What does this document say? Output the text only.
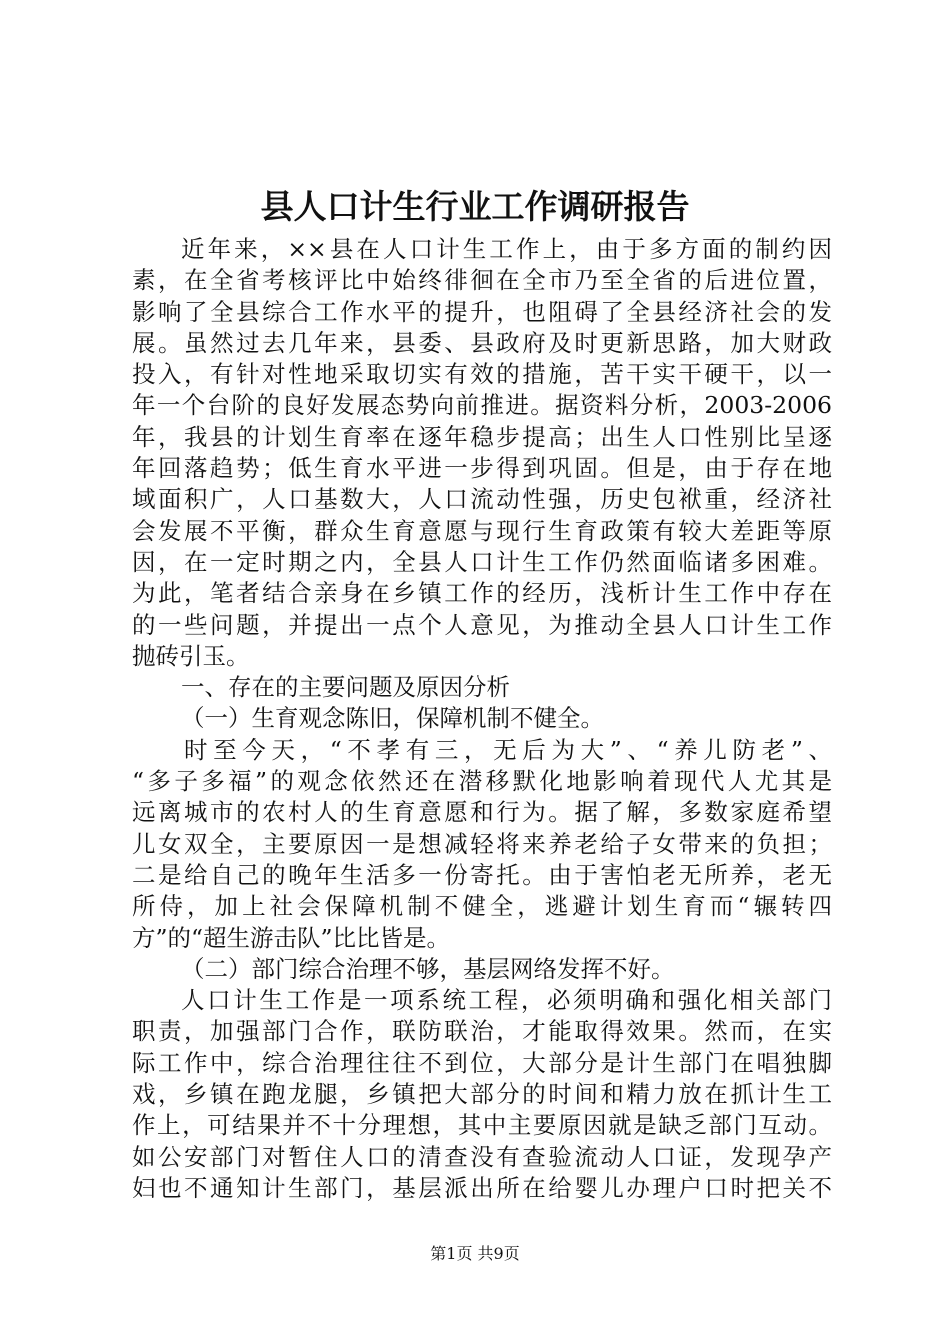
县人口计生行业工作调研报告
近年来，××县在人口计生工作上，由于多方面的制约因
素，在全省考核评比中始终徘徊在全市乃至全省的后进位置，
影响了全县综合工作水平的提升，也阻碍了全县经济社会的发
展。虽然过去几年来，县委、县政府及时更新思路，加大财政
投入，有针对性地采取切实有效的措施，苦干实干硬干，以一
年一个台阶的良好发展态势向前推进。据资料分析，2003-2006
年，我县的计划生育率在逐年稳步提高；出生人口性别比呈逐
年回落趋势；低生育水平进一步得到巩固。但是，由于存在地
域面积广，人口基数大，人口流动性强，历史包袱重，经济社
会发展不平衡，群众生育意愿与现行生育政策有较大差距等原
因，在一定时期之内，全县人口计生工作仍然面临诸多困难。
为此，笔者结合亲身在乡镇工作的经历，浅析计生工作中存在
的一些问题，并提出一点个人意见，为推动全县人口计生工作
抛砖引玉。
一、存在的主要问题及原因分析
（一）生育观念陈旧，保障机制不健全。
时至今天，“不孝有三，无后为大”、“养儿防老”、
“多子多福”的观念依然还在潜移默化地影响着现代人尤其是
远离城市的农村人的生育意愿和行为。据了解，多数家庭希望
儿女双全，主要原因一是想减轻将来养老给子女带来的负担；
二是给自己的晚年生活多一份寄托。由于害怕老无所养，老无
所侍，加上社会保障机制不健全，逃避计划生育而“辗转四
方”的“超生游击队”比比皆是。
（二）部门综合治理不够，基层网络发挥不好。
人口计生工作是一项系统工程，必须明确和强化相关部门
职责，加强部门合作，联防联治，才能取得效果。然而，在实
际工作中，综合治理往往不到位，大部分是计生部门在唱独脚
戏，乡镇在跑龙腿，乡镇把大部分的时间和精力放在抓计生工
作上，可结果并不十分理想，其中主要原因就是缺乏部门互动。
如公安部门对暂住人口的清查没有查验流动人口证，发现孕产
妇也不通知计生部门，基层派出所在给婴儿办理户口时把关不
第1页 共9页
